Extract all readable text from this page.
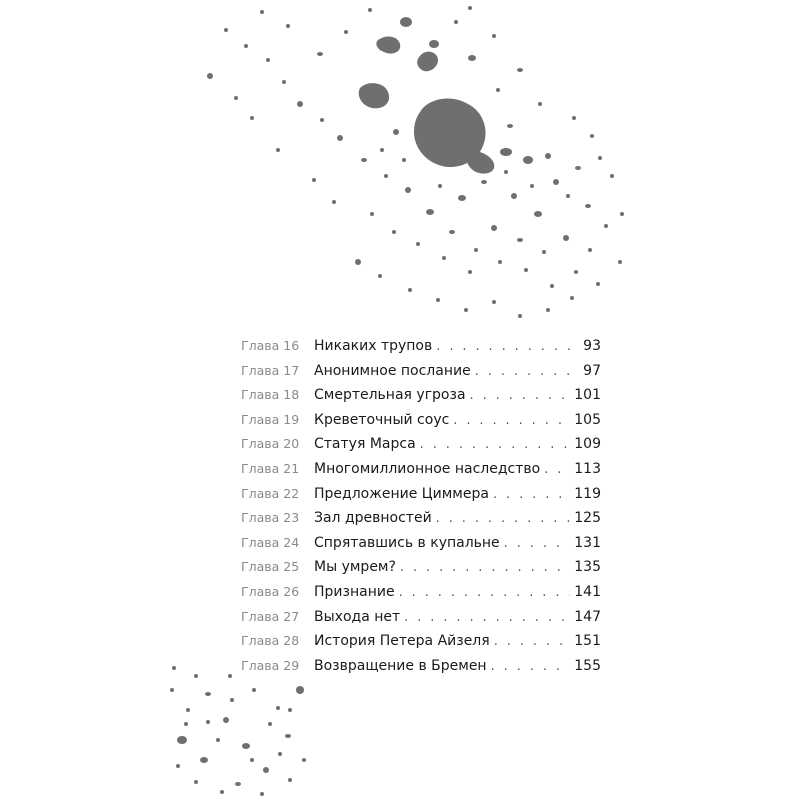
Глава 16	Никаких трупов . . .	93
Глава 17	Анонимное послание . . .	97
Глава 18	Смертельная угроза . . .	101
Глава 19	Креветочный соус . . .	105
Глава 20	Статуя Марса . . .	109
Глава 21	Многомиллионное наследство . . . 113
Глава 22	Предложение Циммера . . .	119
Глава 23	Зал древностей . . .	125
Глава 24	Спрятавшись в купальне . . .	131
Глава 25	Мы умрем? . . .	135
Глава 26	Признание . . .	141
Глава 27	Выхода нет . . .	147
Глава 28	История Петера Айзеля . . .	151
Глава 29	Возвращение в Бремен . . .	155
